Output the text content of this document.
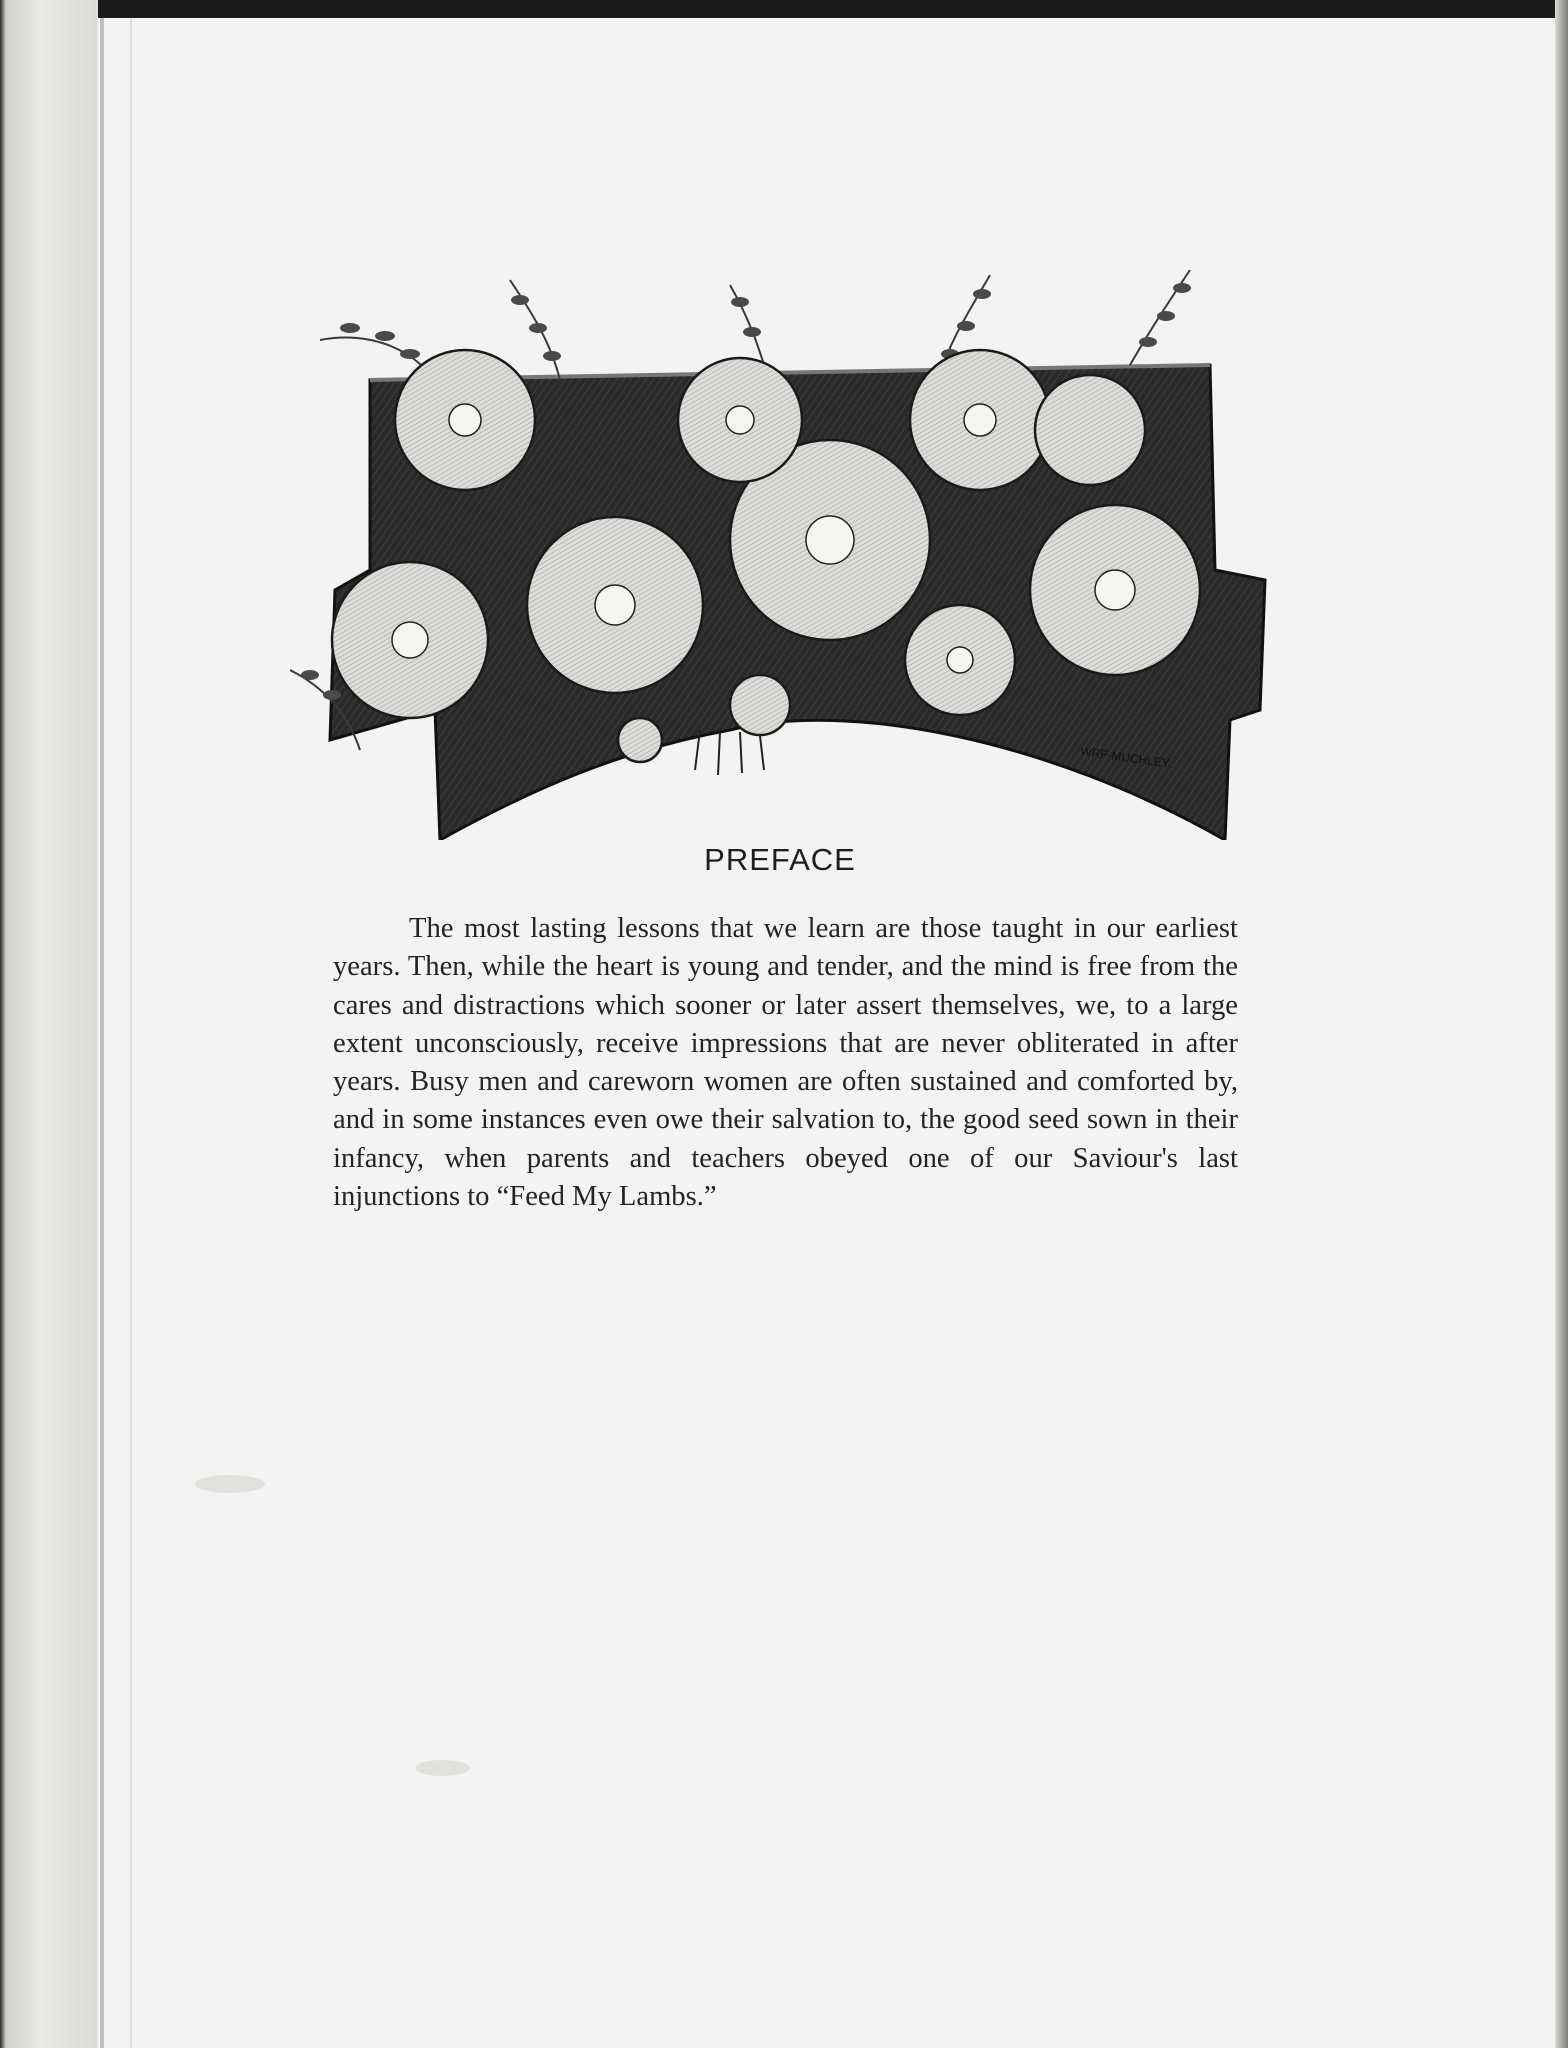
WRF-MUCHLEY
PREFACE
The most lasting lessons that we learn are those taught in our earliest years. Then, while the heart is young and tender, and the mind is free from the cares and distractions which sooner or later assert themselves, we, to a large extent unconsciously, receive impressions that are never obliterated in after years. Busy men and careworn women are often sustained and comforted by, and in some instances even owe their salvation to, the good seed sown in their infancy, when parents and teachers obeyed one of our Saviour's last injunctions to “Feed My Lambs.”
